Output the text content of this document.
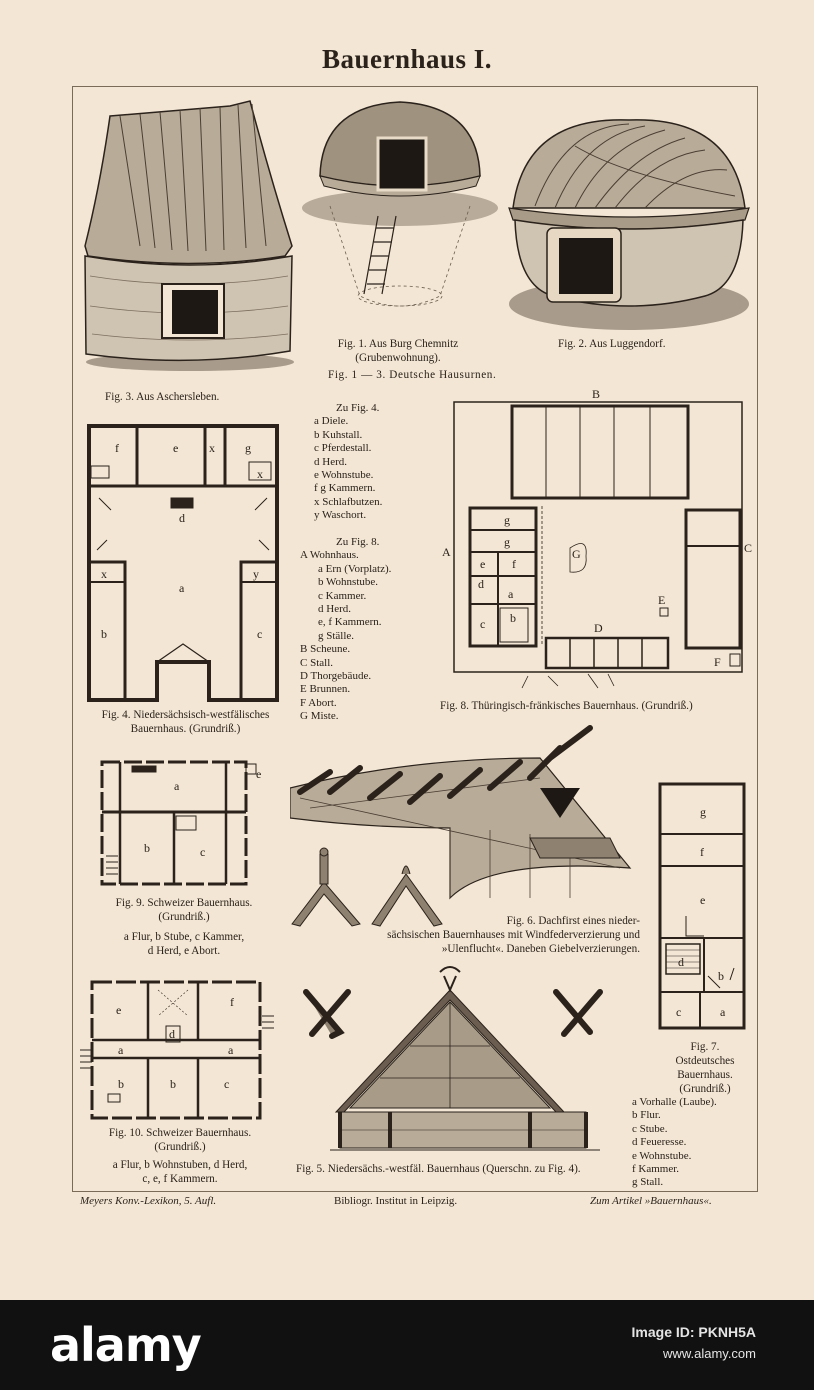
Bauernhaus I.
Fig. 3. Aus Aschersleben.
Fig. 1. Aus Burg Chemnitz
(Grubenwohnung).
Fig. 1 — 3. Deutsche Hausurnen.
Fig. 2. Aus Luggendorf.
f	e	x	g
x
d
x
a
y
b	c
Fig. 4. Niedersächsisch-westfälisches
Bauernhaus. (Grundriß.)
Zu Fig. 4.
a Diele.
b Kuhstall.
c Pferdestall.
d Herd.
e Wohnstube.
f g Kammern.
x Schlafbutzen.
y Waschort.
Zu Fig. 8.
A Wohnhaus.
a Ern (Vorplatz).
b Wohnstube.
c Kammer.
d Herd.
e, f Kammern.
g Ställe.
B Scheune.
C Stall.
D Thorgebäude.
E Brunnen.
F Abort.
G Miste.
B
A	C
g
g
e f
G
d
a
c b
E
D
F
Fig. 8. Thüringisch-fränkisches Bauernhaus. (Grundriß.)
a
e
b	c
Fig. 9. Schweizer Bauernhaus.
(Grundriß.)
a Flur, b Stube, c Kammer,
d Herd, e Abort.
Fig. 6. Dachfirst eines nieder-
sächsischen Bauernhauses mit Windfederverzierung und
»Ulenflucht«. Daneben Giebelverzierungen.
g
f
e
d
b
c	a
Fig. 7.
Ostdeutsches
Bauernhaus.
(Grundriß.)
a Vorhalle (Laube).
b Flur.
c Stube.
d Feueresse.
e Wohnstube.
f Kammer.
g Stall.
e
f
a	a
d
b	b	c
Fig. 10. Schweizer Bauernhaus.
(Grundriß.)
a Flur, b Wohnstuben, d Herd,
c, e, f Kammern.
Fig. 5. Niedersächs.-westfäl. Bauernhaus (Querschn. zu Fig. 4).
Meyers Konv.-Lexikon, 5. Aufl.	Bibliogr. Institut in Leipzig.	Zum Artikel »Bauernhaus«.
alamy	Image ID: PKNH5A
www.alamy.com
